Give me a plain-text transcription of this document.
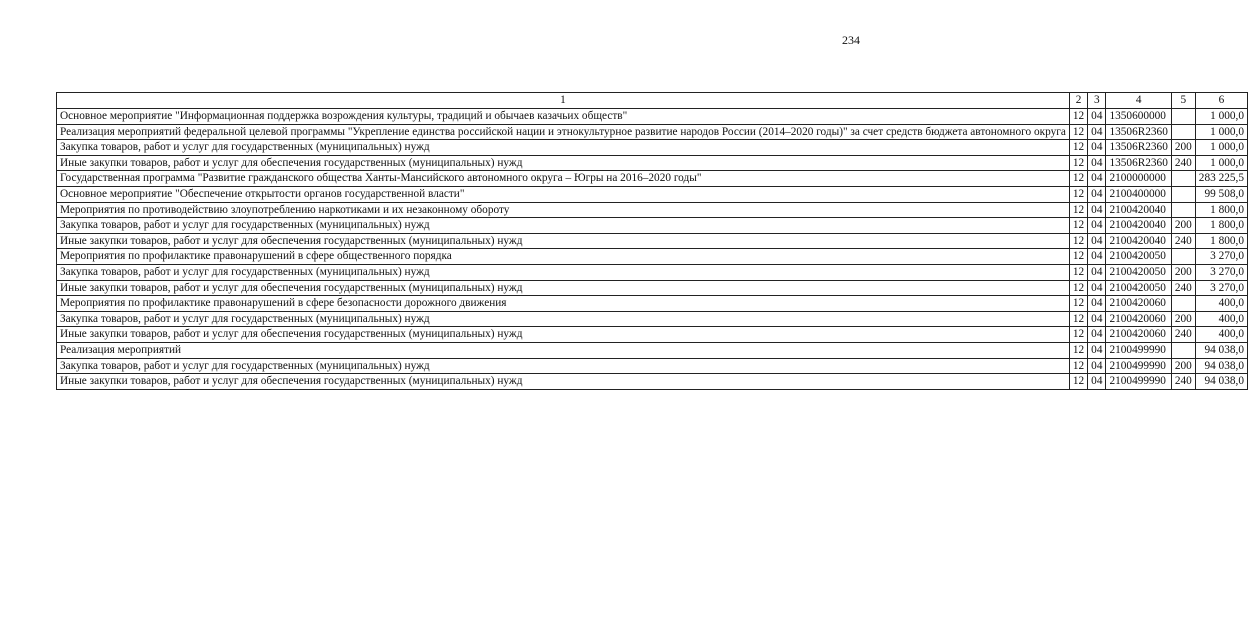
234
1	2	3	4	5	6
Основное мероприятие "Информационная поддержка возрождения культуры, традиций и обычаев казачьих обществ"	12	04	1350600000		1 000,0
Реализация мероприятий федеральной целевой программы "Укрепление единства российской нации и этнокультурное развитие народов России (2014–2020 годы)" за счет средств бюджета автономного округа	12	04	13506R2360		1 000,0
Закупка товаров, работ и услуг для государственных (муниципальных) нужд	12	04	13506R2360	200	1 000,0
Иные закупки товаров, работ и услуг для обеспечения государственных (муниципальных) нужд	12	04	13506R2360	240	1 000,0
Государственная программа "Развитие гражданского общества Ханты-Мансийского автономного округа – Югры на 2016–2020 годы"	12	04	2100000000		283 225,5
Основное мероприятие "Обеспечение открытости органов государственной власти"	12	04	2100400000		99 508,0
Мероприятия по противодействию злоупотреблению наркотиками и их незаконному обороту	12	04	2100420040		1 800,0
Закупка товаров, работ и услуг для государственных (муниципальных) нужд	12	04	2100420040	200	1 800,0
Иные закупки товаров, работ и услуг для обеспечения государственных (муниципальных) нужд	12	04	2100420040	240	1 800,0
Мероприятия по профилактике правонарушений в сфере общественного порядка	12	04	2100420050		3 270,0
Закупка товаров, работ и услуг для государственных (муниципальных) нужд	12	04	2100420050	200	3 270,0
Иные закупки товаров, работ и услуг для обеспечения государственных (муниципальных) нужд	12	04	2100420050	240	3 270,0
Мероприятия по профилактике правонарушений в сфере безопасности дорожного движения	12	04	2100420060		400,0
Закупка товаров, работ и услуг для государственных (муниципальных) нужд	12	04	2100420060	200	400,0
Иные закупки товаров, работ и услуг для обеспечения государственных (муниципальных) нужд	12	04	2100420060	240	400,0
Реализация мероприятий	12	04	2100499990		94 038,0
Закупка товаров, работ и услуг для государственных (муниципальных) нужд	12	04	2100499990	200	94 038,0
Иные закупки товаров, работ и услуг для обеспечения государственных (муниципальных) нужд	12	04	2100499990	240	94 038,0
